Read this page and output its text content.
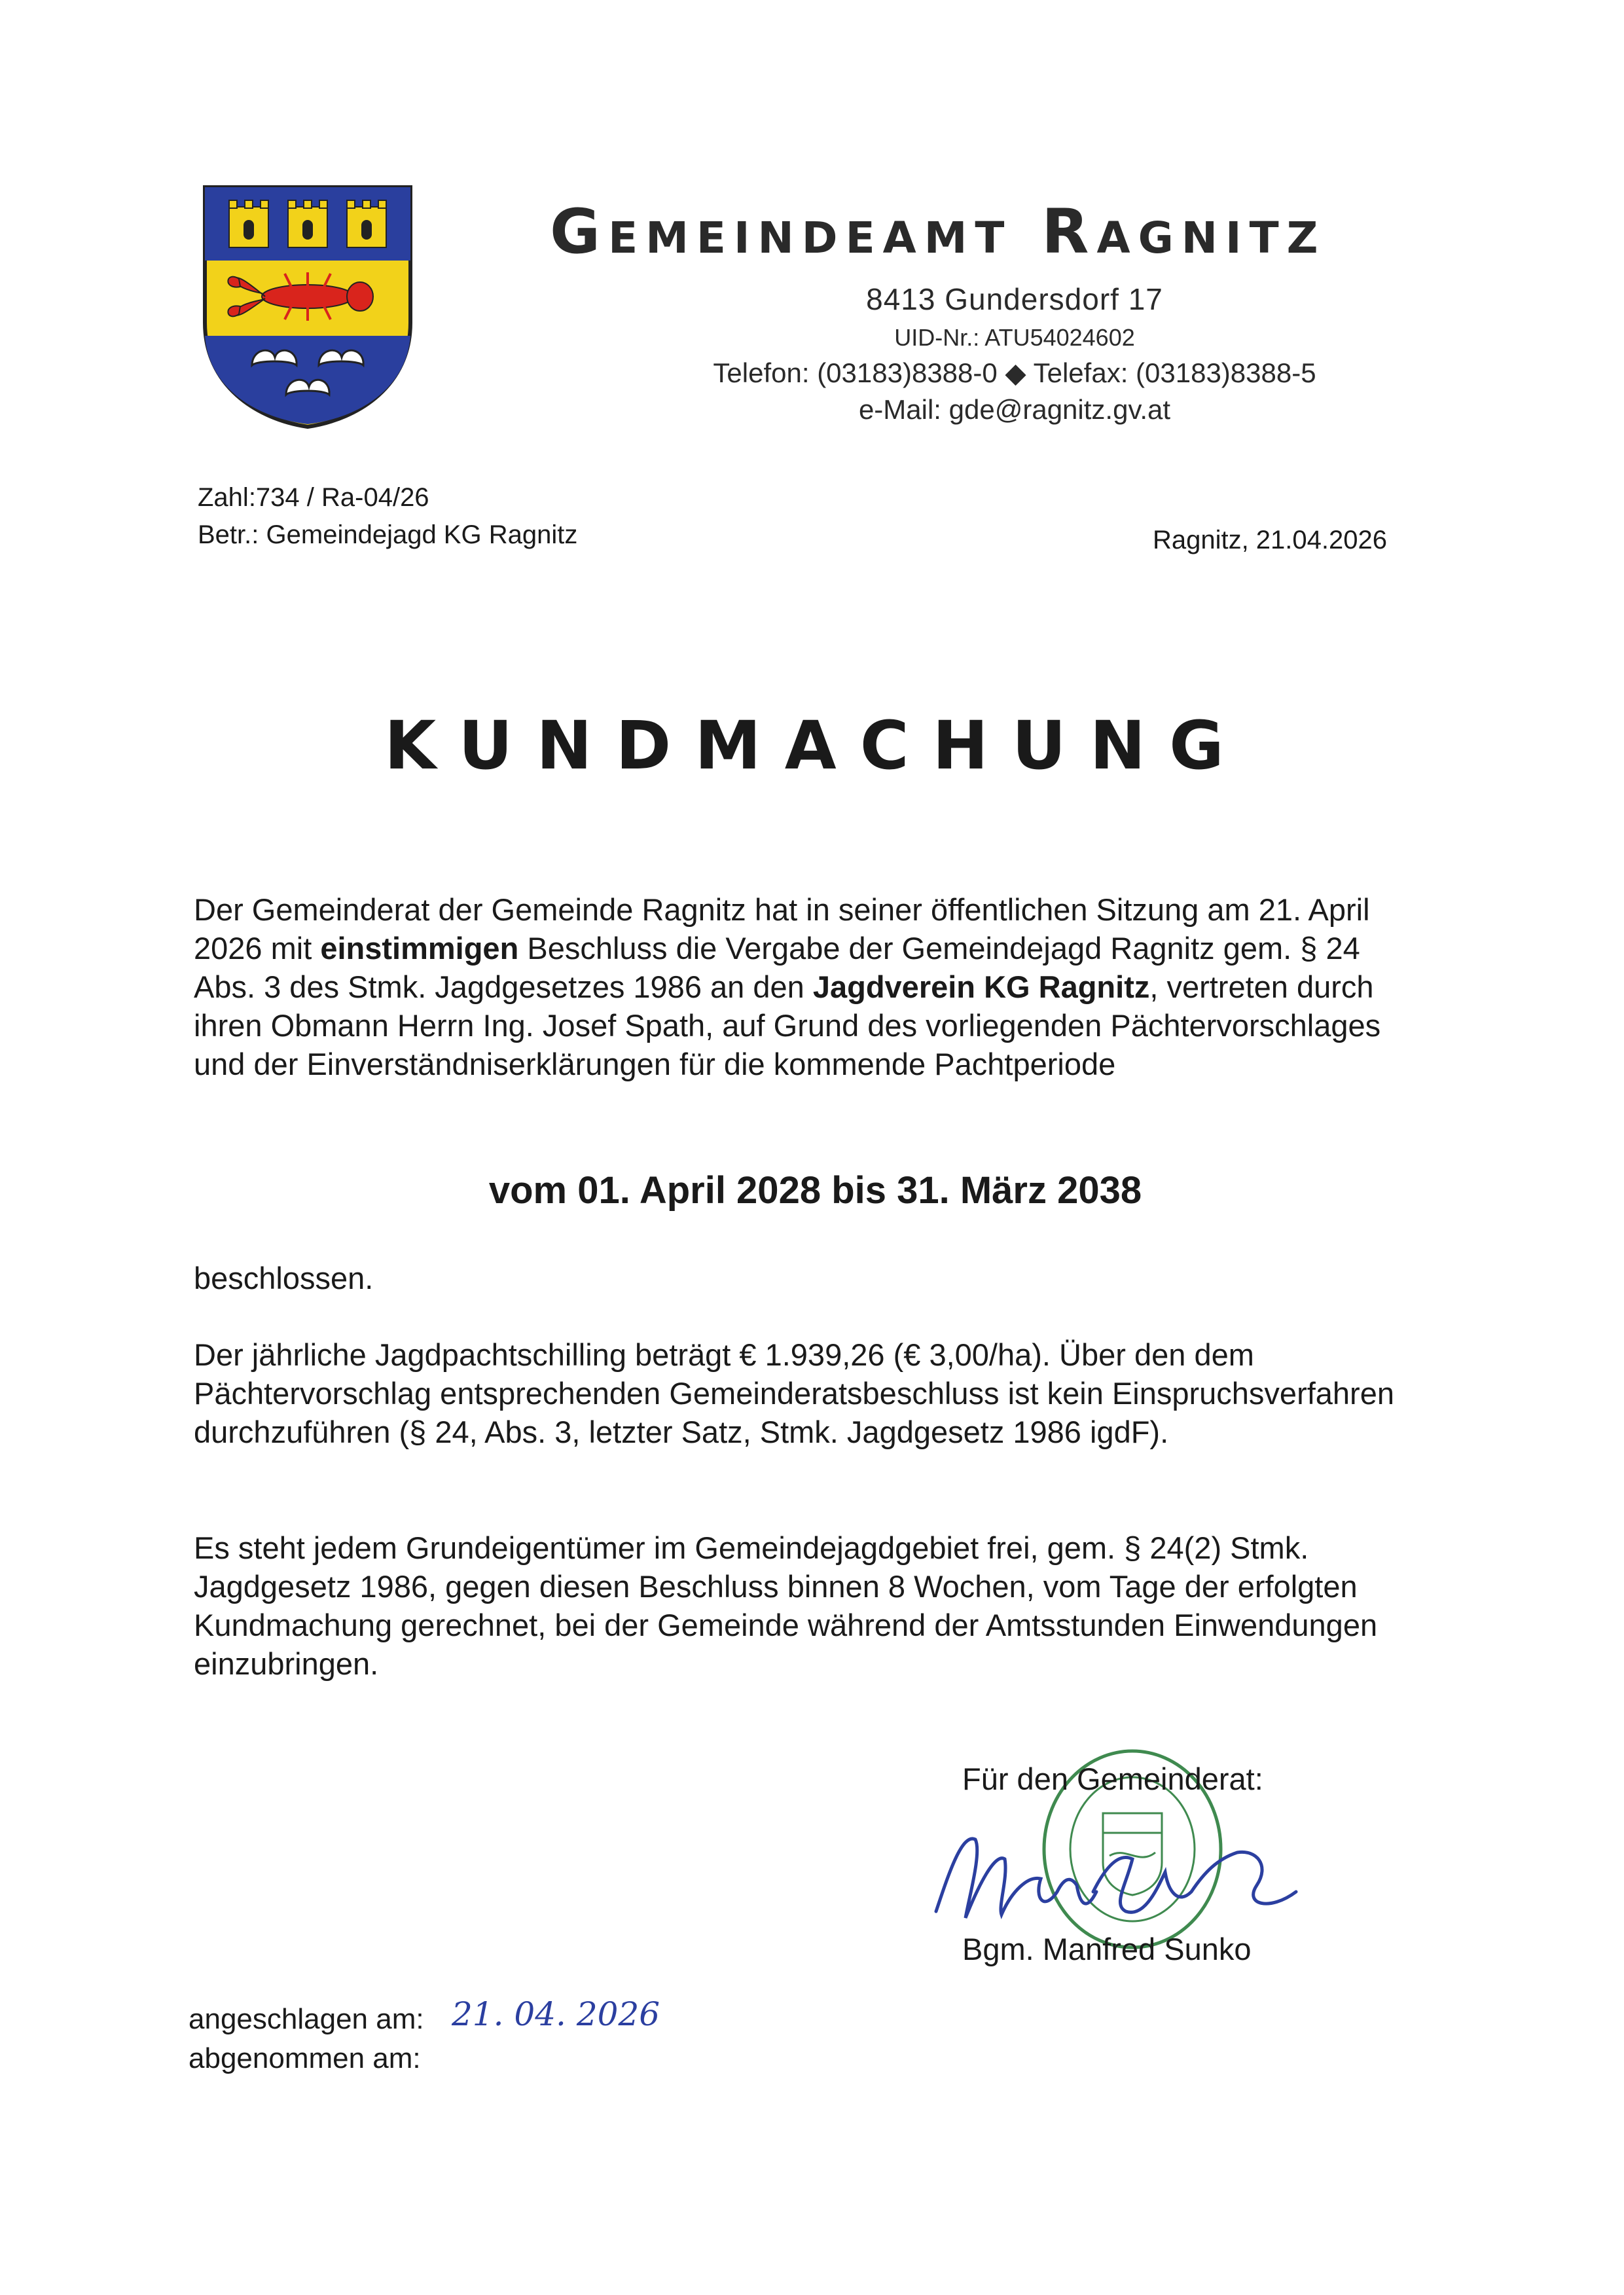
Gemeindeamt Ragnitz
8413 Gundersdorf 17
UID-Nr.: ATU54024602
Telefon: (03183)8388-0 ◆ Telefax: (03183)8388-5
e-Mail: gde@ragnitz.gv.at
Zahl:734 / Ra-04/26
Betr.: Gemeindejagd KG Ragnitz	Ragnitz, 21.04.2026
KUNDMACHUNG
Der Gemeinderat der Gemeinde Ragnitz hat in seiner öffentlichen Sitzung am 21. April 2026 mit einstimmigen Beschluss die Vergabe der Gemeindejagd Ragnitz gem. § 24 Abs. 3 des Stmk. Jagdgesetzes 1986 an den Jagdverein KG Ragnitz, vertreten durch ihren Obmann Herrn Ing. Josef Spath, auf Grund des vorliegenden Pächtervorschlages und der Einverständniserklärungen für die kommende Pachtperiode
vom 01. April 2028 bis 31. März 2038
beschlossen.
Der jährliche Jagdpachtschilling beträgt € 1.939,26 (€ 3,00/ha). Über den dem Pächtervorschlag entsprechenden Gemeinderatsbeschluss ist kein Einspruchsverfahren durchzuführen (§ 24, Abs. 3, letzter Satz, Stmk. Jagdgesetz 1986 igdF).
Es steht jedem Grundeigentümer im Gemeindejagdgebiet frei, gem. § 24(2) Stmk. Jagdgesetz 1986, gegen diesen Beschluss binnen 8 Wochen, vom Tage der erfolgten Kundmachung gerechnet, bei der Gemeinde während der Amtsstunden Einwendungen einzubringen.
Für den Gemeinderat:
Bgm. Manfred Sunko
angeschlagen am: 21. 04. 2026
abgenommen am:
